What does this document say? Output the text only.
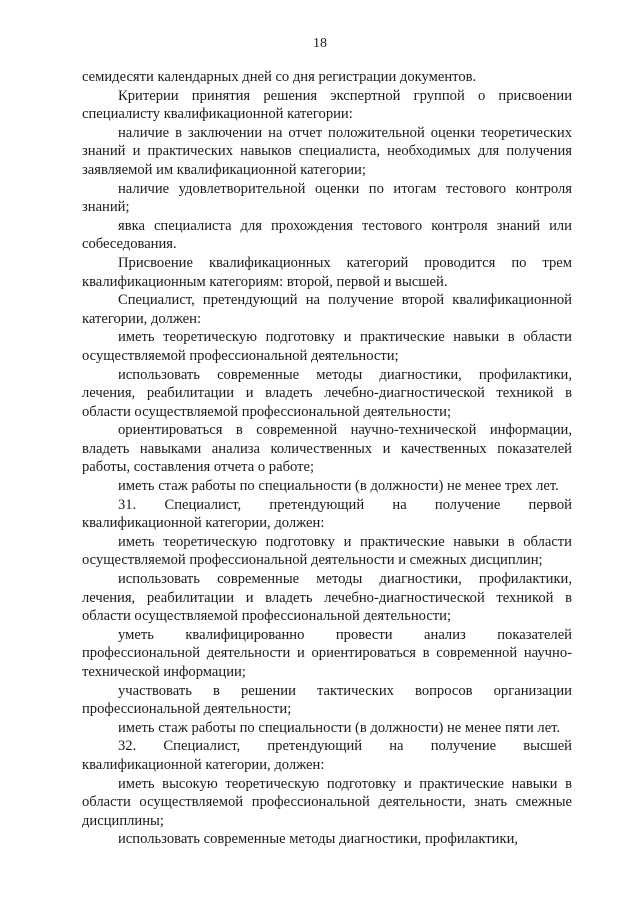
18

семидесяти календарных дней со дня регистрации документов.

Критерии принятия решения экспертной группой о присвоении специалисту квалификационной категории:

наличие в заключении на отчет положительной оценки теоретических знаний и практических навыков специалиста, необходимых для получения заявляемой им квалификационной категории;

наличие удовлетворительной оценки по итогам тестового контроля знаний;

явка специалиста для прохождения тестового контроля знаний или собеседования.

Присвоение квалификационных категорий проводится по трем квалификационным категориям: второй, первой и высшей.

Специалист, претендующий на получение второй квалификационной категории, должен:

иметь теоретическую подготовку и практические навыки в области осуществляемой профессиональной деятельности;

использовать современные методы диагностики, профилактики, лечения, реабилитации и владеть лечебно-диагностической техникой в области осуществляемой профессиональной деятельности;

ориентироваться в современной научно-технической информации, владеть навыками анализа количественных и качественных показателей работы, составления отчета о работе;

иметь стаж работы по специальности (в должности) не менее трех лет.

31. Специалист, претендующий на получение первой квалификационной категории, должен:

иметь теоретическую подготовку и практические навыки в области осуществляемой профессиональной деятельности и смежных дисциплин;

использовать современные методы диагностики, профилактики, лечения, реабилитации и владеть лечебно-диагностической техникой в области осуществляемой профессиональной деятельности;

уметь квалифицированно провести анализ показателей профессиональной деятельности и ориентироваться в современной научно-технической информации;

участвовать в решении тактических вопросов организации профессиональной деятельности;

иметь стаж работы по специальности (в должности) не менее пяти лет.

32. Специалист, претендующий на получение высшей квалификационной категории, должен:

иметь высокую теоретическую подготовку и практические навыки в области осуществляемой профессиональной деятельности, знать смежные дисциплины;

использовать современные методы диагностики, профилактики,
